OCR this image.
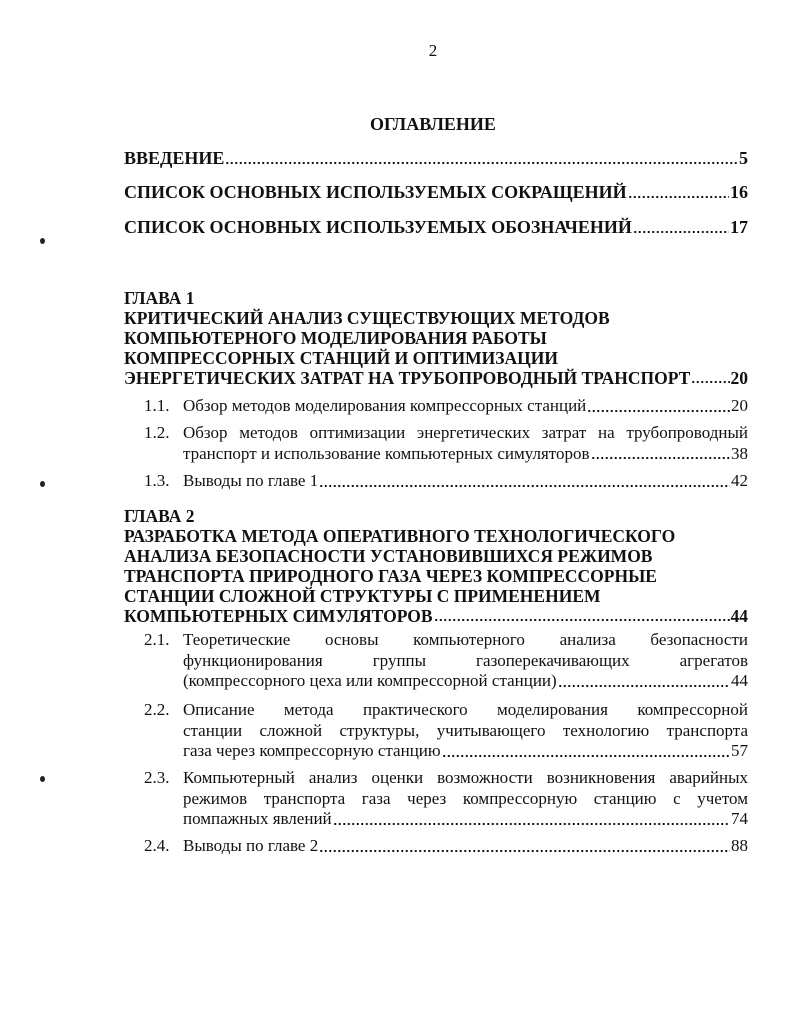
2
ОГЛАВЛЕНИЕ
ВВЕДЕНИЕ	5
СПИСОК ОСНОВНЫХ ИСПОЛЬЗУЕМЫХ СОКРАЩЕНИЙ	16
СПИСОК ОСНОВНЫХ ИСПОЛЬЗУЕМЫХ ОБОЗНАЧЕНИЙ	17
ГЛАВА 1
КРИТИЧЕСКИЙ АНАЛИЗ СУЩЕСТВУЮЩИХ МЕТОДОВ
КОМПЬЮТЕРНОГО МОДЕЛИРОВАНИЯ РАБОТЫ
КОМПРЕССОРНЫХ СТАНЦИЙ И ОПТИМИЗАЦИИ
ЭНЕРГЕТИЧЕСКИХ ЗАТРАТ НА ТРУБОПРОВОДНЫЙ ТРАНСПОРТ 20
1.1. Обзор методов моделирования компрессорных станций	20
1.2. Обзор методов оптимизации энергетических затрат на трубопроводный
транспорт и использование компьютерных симуляторов	38
1.3. Выводы по главе 1	42
ГЛАВА 2
РАЗРАБОТКА МЕТОДА ОПЕРАТИВНОГО ТЕХНОЛОГИЧЕСКОГО
АНАЛИЗА БЕЗОПАСНОСТИ УСТАНОВИВШИХСЯ РЕЖИМОВ
ТРАНСПОРТА ПРИРОДНОГО ГАЗА ЧЕРЕЗ КОМПРЕССОРНЫЕ
СТАНЦИИ СЛОЖНОЙ СТРУКТУРЫ С ПРИМЕНЕНИЕМ
КОМПЬЮТЕРНЫХ СИМУЛЯТОРОВ	44
2.1. Теоретические основы компьютерного анализа безопасности
функционирования группы газоперекачивающих агрегатов
(компрессорного цеха или компрессорной станции)	44
2.2. Описание метода практического моделирования компрессорной
станции сложной структуры, учитывающего технологию транспорта
газа через компрессорную станцию	57
2.3. Компьютерный анализ оценки возможности возникновения аварийных
режимов транспорта газа через компрессорную станцию с учетом
помпажных явлений	74
2.4. Выводы по главе 2	88
